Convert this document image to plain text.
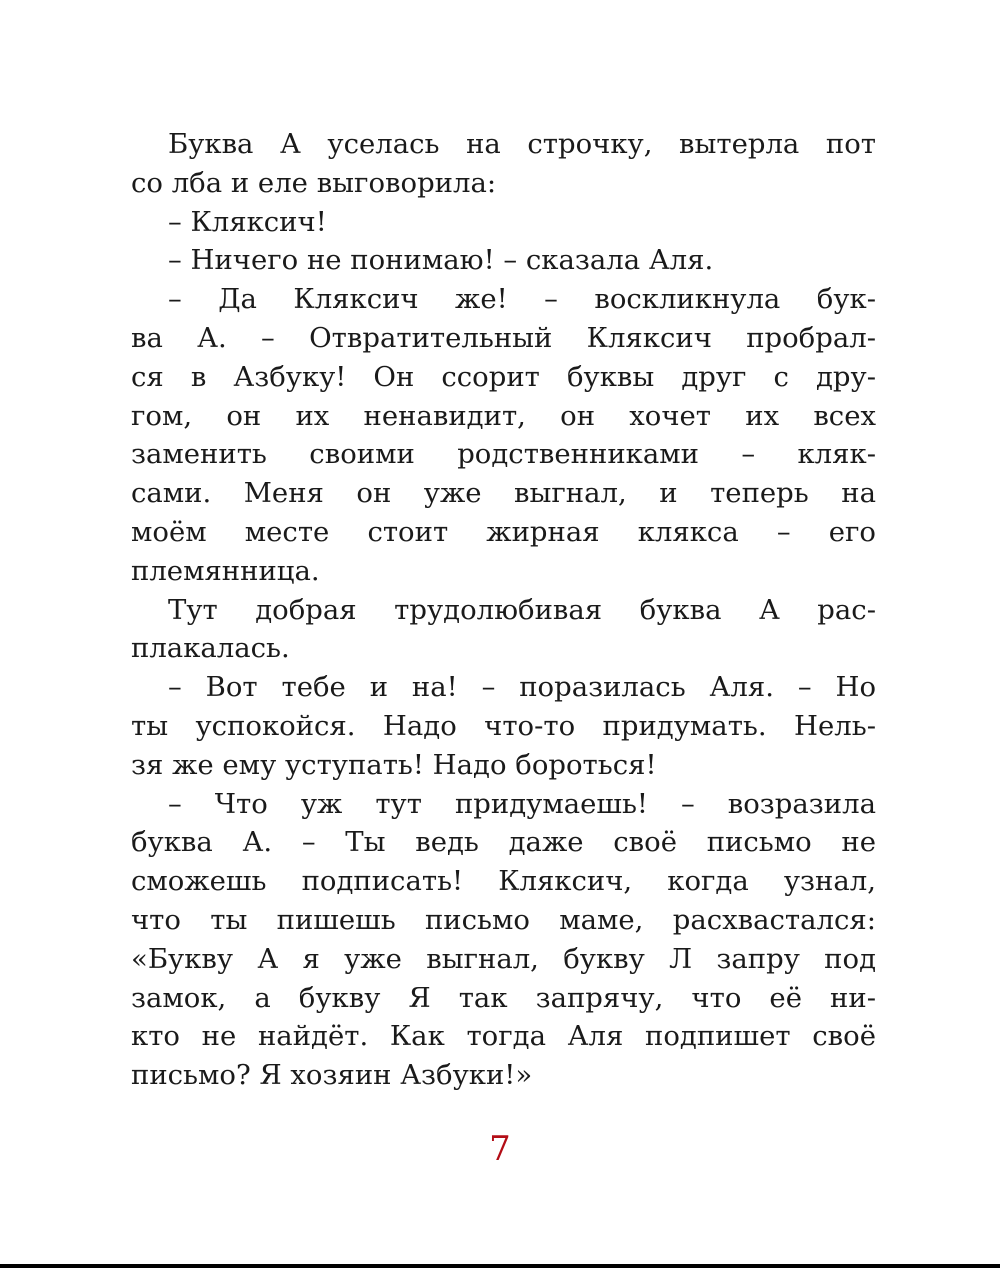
Буква А уселась на строчку, вытерла пот
со лба и еле выговорила:
– Кляксич!
– Ничего не понимаю! – сказала Аля.
– Да Кляксич же! – воскликнула бук-
ва А. – Отвратительный Кляксич пробрал-
ся в Азбуку! Он ссорит буквы друг с дру-
гом, он их ненавидит, он хочет их всех
заменить своими родственниками – кляк-
сами. Меня он уже выгнал, и теперь на
моём месте стоит жирная клякса – его
племянница.
Тут добрая трудолюбивая буква А рас-
плакалась.
– Вот тебе и на! – поразилась Аля. – Но
ты успокойся. Надо что-то придумать. Нель-
зя же ему уступать! Надо бороться!
– Что уж тут придумаешь! – возразила
буква А. – Ты ведь даже своё письмо не
сможешь подписать! Кляксич, когда узнал,
что ты пишешь письмо маме, расхвастался:
«Букву А я уже выгнал, букву Л запру под
замок, а букву Я так запрячу, что её ни-
кто не найдёт. Как тогда Аля подпишет своё
письмо? Я хозяин Азбуки!»
7
